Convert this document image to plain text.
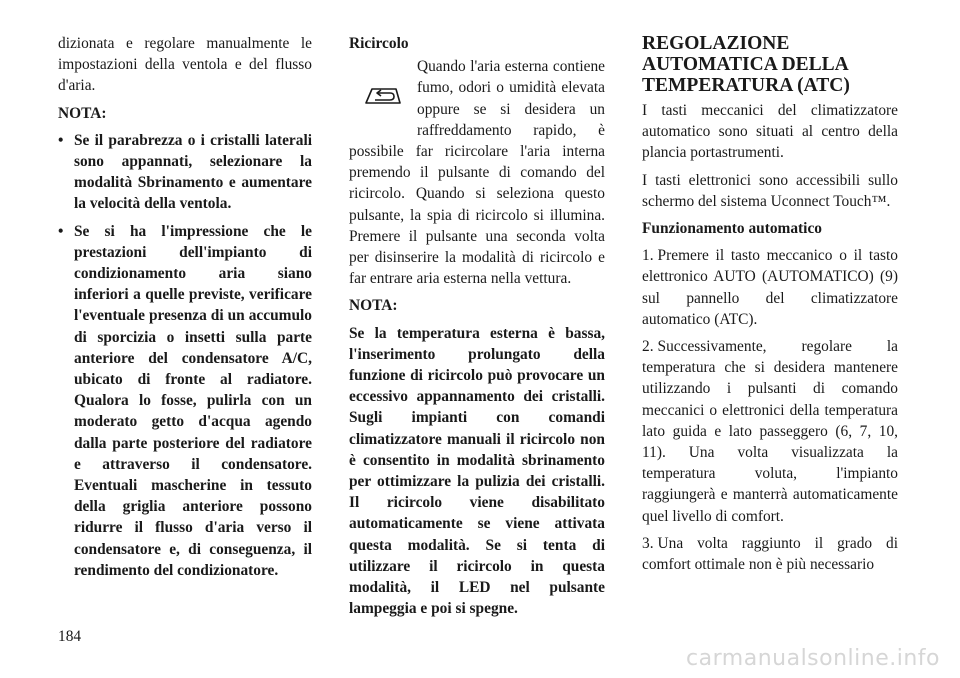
dizionata e regolare manualmente le impostazioni della ventola e del flusso d'aria.

NOTA:

• Se il parabrezza o i cristalli laterali sono appannati, selezionare la modalità Sbrinamento e aumentare la velocità della ventola.
• Se si ha l'impressione che le prestazioni dell'impianto di condizionamento aria siano inferiori a quelle previste, verificare l'eventuale presenza di un accumulo di sporcizia o insetti sulla parte anteriore del condensatore A/C, ubicato di fronte al radiatore. Qualora lo fosse, pulirla con un moderato getto d'acqua agendo dalla parte posteriore del radiatore e attraverso il condensatore. Eventuali mascherine in tessuto della griglia anteriore possono ridurre il flusso d'aria verso il condensatore e, di conseguenza, il rendimento del condizionatore.

Ricircolo

Quando l'aria esterna contiene fumo, odori o umidità elevata oppure se si desidera un raffreddamento rapido, è possibile far ricircolare l'aria interna premendo il pulsante di comando del ricircolo. Quando si seleziona questo pulsante, la spia di ricircolo si illumina. Premere il pulsante una seconda volta per disinserire la modalità di ricircolo e far entrare aria esterna nella vettura.

NOTA:

Se la temperatura esterna è bassa, l'inserimento prolungato della funzione di ricircolo può provocare un eccessivo appannamento dei cristalli. Sugli impianti con comandi climatizzatore manuali il ricircolo non è consentito in modalità sbrinamento per ottimizzare la pulizia dei cristalli. Il ricircolo viene disabilitato automaticamente se viene attivata questa modalità. Se si tenta di utilizzare il ricircolo in questa modalità, il LED nel pulsante lampeggia e poi si spegne.

REGOLAZIONE
AUTOMATICA DELLA
TEMPERATURA (ATC)

I tasti meccanici del climatizzatore automatico sono situati al centro della plancia portastrumenti.

I tasti elettronici sono accessibili sullo schermo del sistema Uconnect Touch™.

Funzionamento automatico

1. Premere il tasto meccanico o il tasto elettronico AUTO (AUTOMATICO) (9) sul pannello del climatizzatore automatico (ATC).
2. Successivamente, regolare la temperatura che si desidera mantenere utilizzando i pulsanti di comando meccanici o elettronici della temperatura lato guida e lato passeggero (6, 7, 10, 11). Una volta visualizzata la temperatura voluta, l'impianto raggiungerà e manterrà automaticamente quel livello di comfort.
3. Una volta raggiunto il grado di comfort ottimale non è più necessario
184
carmanualsonline.info
